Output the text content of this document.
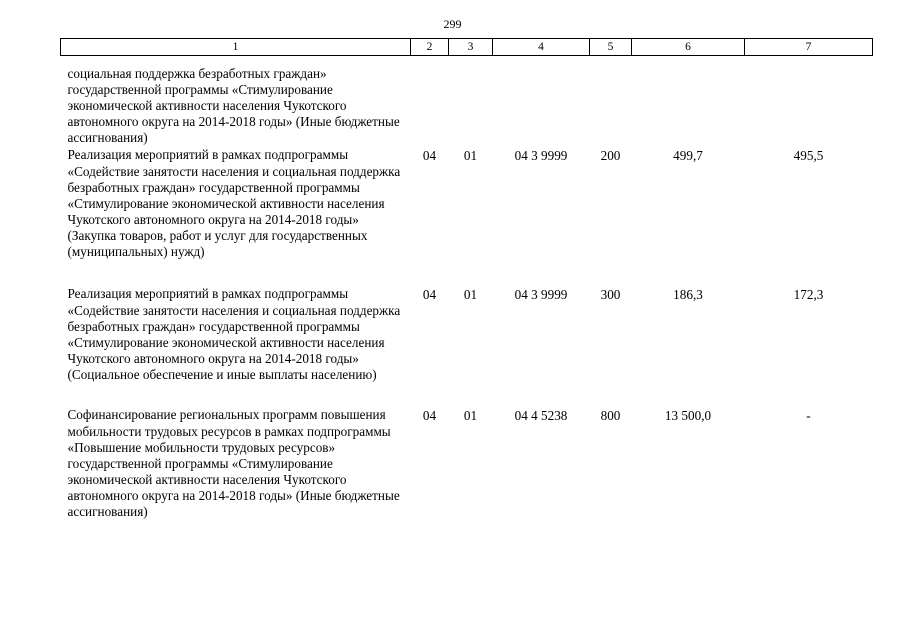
299
1	2	3	4	5	6	7
социальная поддержка безработных граждан» государственной программы «Стимулирование экономической активности населения Чукотского автономного округа на 2014-2018 годы» (Иные бюджетные ассигнования)						
Реализация мероприятий в рамках подпрограммы «Содействие занятости населения и социальная поддержка безработных граждан» государственной программы «Стимулирование экономической активности населения Чукотского автономного округа на 2014-2018 годы» (Закупка товаров, работ и услуг для государственных (муниципальных) нужд)	04	01	04 3 9999	200	499,7	495,5
Реализация мероприятий в рамках подпрограммы «Содействие занятости населения и социальная поддержка безработных граждан» государственной программы «Стимулирование экономической активности населения Чукотского автономного округа на 2014-2018 годы» (Социальное обеспечение и иные выплаты населению)	04	01	04 3 9999	300	186,3	172,3
Софинансирование региональных программ повышения мобильности трудовых ресурсов в рамках подпрограммы «Повышение мобильности трудовых ресурсов» государственной программы «Стимулирование экономической активности населения Чукотского автономного округа на 2014-2018 годы» (Иные бюджетные ассигнования)	04	01	04 4 5238	800	13 500,0	-
